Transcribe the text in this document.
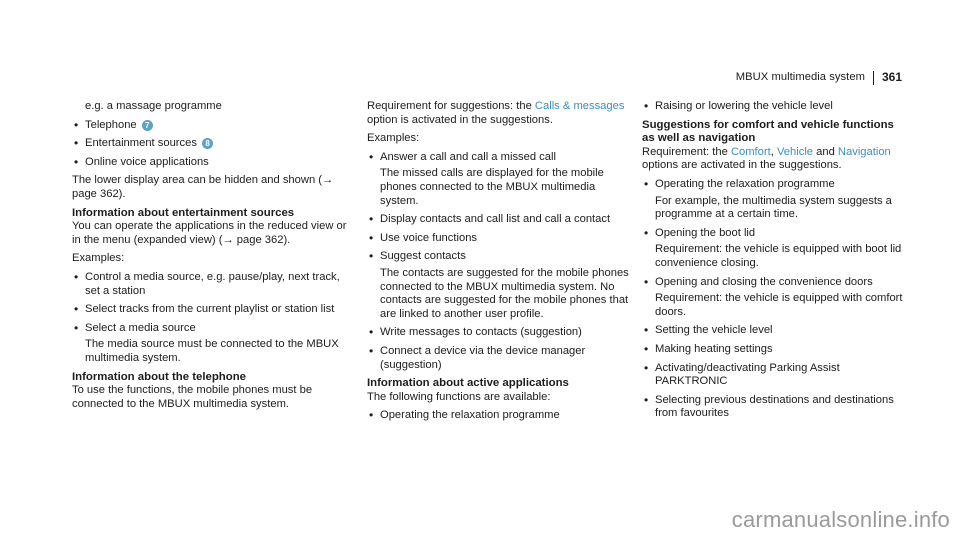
MBUX multimedia system 361

e.g. a massage programme

• Telephone 7
• Entertainment sources 8
• Online voice applications

The lower display area can be hidden and shown (→ page 362).

Information about entertainment sources

You can operate the applications in the reduced view or in the menu (expanded view) (→ page 362).

Examples:

• Control a media source, e.g. pause/play, next track, set a station
• Select tracks from the current playlist or station list
• Select a media source

The media source must be connected to the MBUX multimedia system.

Information about the telephone

To use the functions, the mobile phones must be connected to the MBUX multimedia system.

Requirement for suggestions: the Calls & messages option is activated in the suggestions.

Examples:

• Answer a call and call a missed call

The missed calls are displayed for the mobile phones connected to the MBUX multimedia system.

• Display contacts and call list and call a contact
• Use voice functions
• Suggest contacts

The contacts are suggested for the mobile phones connected to the MBUX multimedia system. No contacts are suggested for the mobile phones that are linked to another user profile.

• Write messages to contacts (suggestion)
• Connect a device via the device manager (suggestion)

Information about active applications

The following functions are available:

• Operating the relaxation programme
• Raising or lowering the vehicle level

Suggestions for comfort and vehicle functions as well as navigation

Requirement: the Comfort, Vehicle and Navigation options are activated in the suggestions.

• Operating the relaxation programme

For example, the multimedia system suggests a programme at a certain time.

• Opening the boot lid

Requirement: the vehicle is equipped with boot lid convenience closing.

• Opening and closing the convenience doors

Requirement: the vehicle is equipped with comfort doors.

• Setting the vehicle level
• Making heating settings
• Activating/deactivating Parking Assist PARKTRONIC
• Selecting previous destinations and destinations from favourites
carmanualsonline.info
